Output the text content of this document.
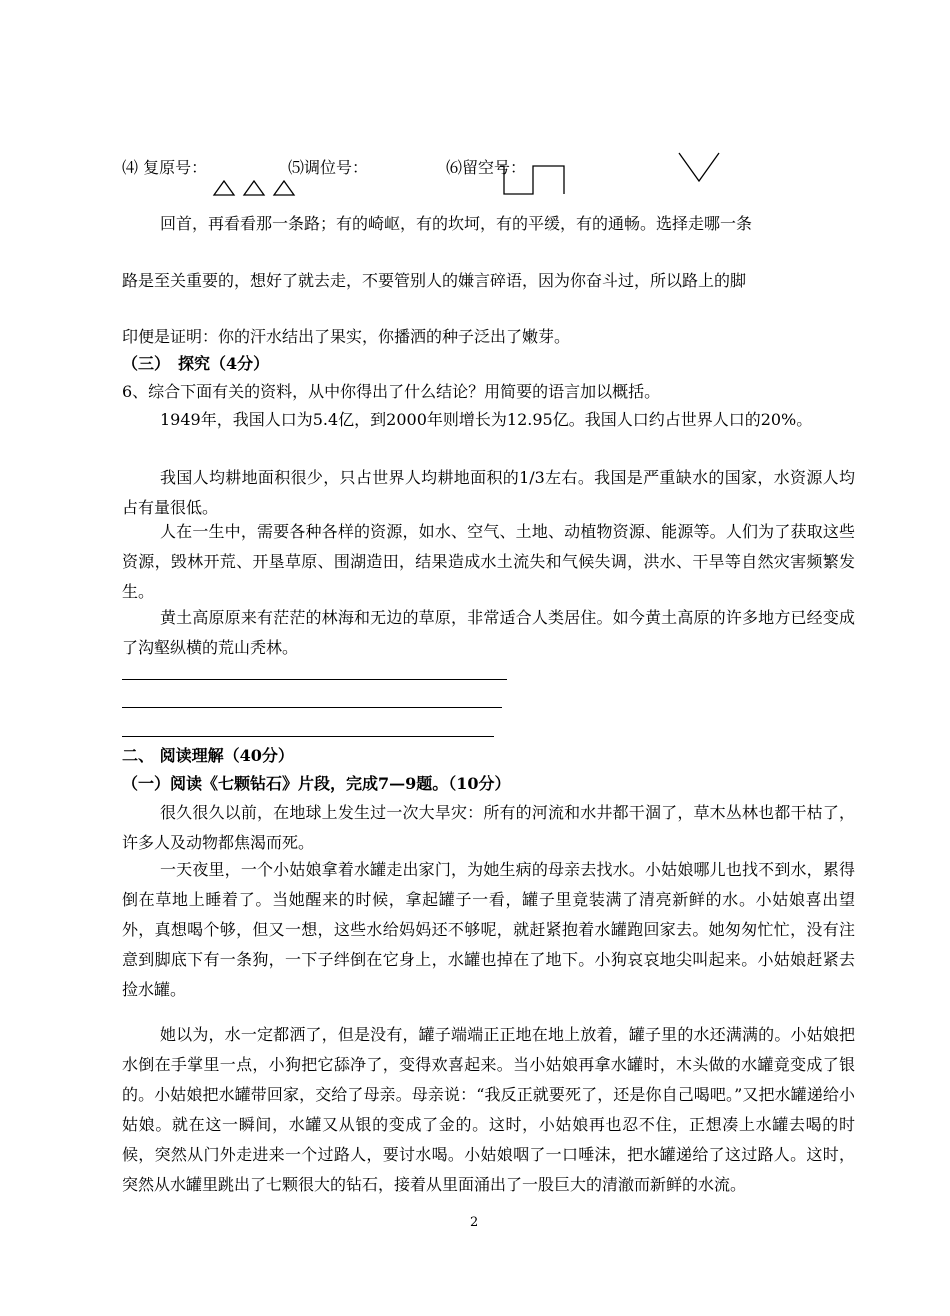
⑷ 复原号：	⑸调位号：	⑹留空号：
回首，再看看那一条路；有的崎岖，有的坎坷，有的平缓，有的通畅。选择走哪一条
路是至关重要的，想好了就去走，不要管别人的嫌言碎语，因为你奋斗过，所以路上的脚
印便是证明：你的汗水结出了果实，你播洒的种子泛出了嫩芽。
（三）　探究（4分）
6、综合下面有关的资料，从中你得出了什么结论？用简要的语言加以概括。
1949年，我国人口为5.4亿，到2000年则增长为12.95亿。我国人口约占世界人口的20%。
我国人均耕地面积很少，只占世界人均耕地面积的1/3左右。我国是严重缺水的国家，水资源人均占有量很低。
人在一生中，需要各种各样的资源，如水、空气、土地、动植物资源、能源等。人们为了获取这些资源，毁林开荒、开垦草原、围湖造田，结果造成水土流失和气候失调，洪水、干旱等自然灾害频繁发生。
黄土高原原来有茫茫的林海和无边的草原，非常适合人类居住。如今黄土高原的许多地方已经变成了沟壑纵横的荒山秃林。
二、 阅读理解（40分）
（一）阅读《七颗钻石》片段，完成7—9题。（10分）
很久很久以前，在地球上发生过一次大旱灾：所有的河流和水井都干涸了，草木丛林也都干枯了，许多人及动物都焦渴而死。
一天夜里，一个小姑娘拿着水罐走出家门，为她生病的母亲去找水。小姑娘哪儿也找不到水，累得倒在草地上睡着了。当她醒来的时候，拿起罐子一看，罐子里竟装满了清亮新鲜的水。小姑娘喜出望外，真想喝个够，但又一想，这些水给妈妈还不够呢，就赶紧抱着水罐跑回家去。她匆匆忙忙，没有注意到脚底下有一条狗，一下子绊倒在它身上，水罐也掉在了地下。小狗哀哀地尖叫起来。小姑娘赶紧去捡水罐。
她以为，水一定都洒了，但是没有，罐子端端正正地在地上放着，罐子里的水还满满的。小姑娘把水倒在手掌里一点，小狗把它舔净了，变得欢喜起来。当小姑娘再拿水罐时，木头做的水罐竟变成了银的。小姑娘把水罐带回家，交给了母亲。母亲说：“我反正就要死了，还是你自己喝吧。”又把水罐递给小姑娘。就在这一瞬间，水罐又从银的变成了金的。这时，小姑娘再也忍不住，正想凑上水罐去喝的时候，突然从门外走进来一个过路人，要讨水喝。小姑娘咽了一口唾沫，把水罐递给了这过路人。这时，突然从水罐里跳出了七颗很大的钻石，接着从里面涌出了一股巨大的清澈而新鲜的水流。
2
